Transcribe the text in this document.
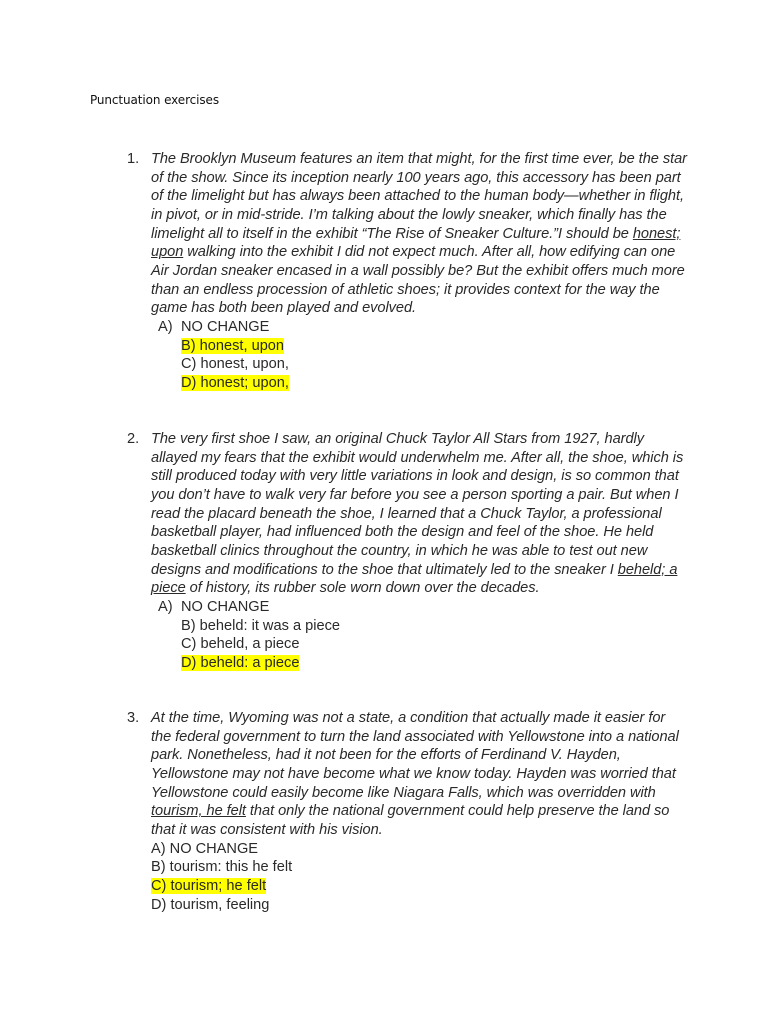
Punctuation exercises
1. The Brooklyn Museum features an item that might, for the first time ever, be the star of the show. Since its inception nearly 100 years ago, this accessory has been part of the limelight but has always been attached to the human body—whether in flight, in pivot, or in mid-stride. I’m talking about the lowly sneaker, which finally has the limelight all to itself in the exhibit “The Rise of Sneaker Culture.”I should be honest; upon walking into the exhibit I did not expect much. After all, how edifying can one Air Jordan sneaker encased in a wall possibly be? But the exhibit offers much more than an endless procession of athletic shoes; it provides context for the way the game has both been played and evolved.
A) NO CHANGE
B) honest, upon
C) honest, upon,
D) honest; upon,
2. The very first shoe I saw, an original Chuck Taylor All Stars from 1927, hardly allayed my fears that the exhibit would underwhelm me. After all, the shoe, which is still produced today with very little variations in look and design, is so common that you don’t have to walk very far before you see a person sporting a pair. But when I read the placard beneath the shoe, I learned that a Chuck Taylor, a professional basketball player, had influenced both the design and feel of the shoe. He held basketball clinics throughout the country, in which he was able to test out new designs and modifications to the shoe that ultimately led to the sneaker I beheld; a piece of history, its rubber sole worn down over the decades.
A) NO CHANGE
B) beheld: it was a piece
C) beheld, a piece
D) beheld: a piece
3. At the time, Wyoming was not a state, a condition that actually made it easier for the federal government to turn the land associated with Yellowstone into a national park. Nonetheless, had it not been for the efforts of Ferdinand V. Hayden, Yellowstone may not have become what we know today. Hayden was worried that Yellowstone could easily become like Niagara Falls, which was overridden with tourism, he felt that only the national government could help preserve the land so that it was consistent with his vision.
A) NO CHANGE
B) tourism: this he felt
C) tourism; he felt
D) tourism, feeling
